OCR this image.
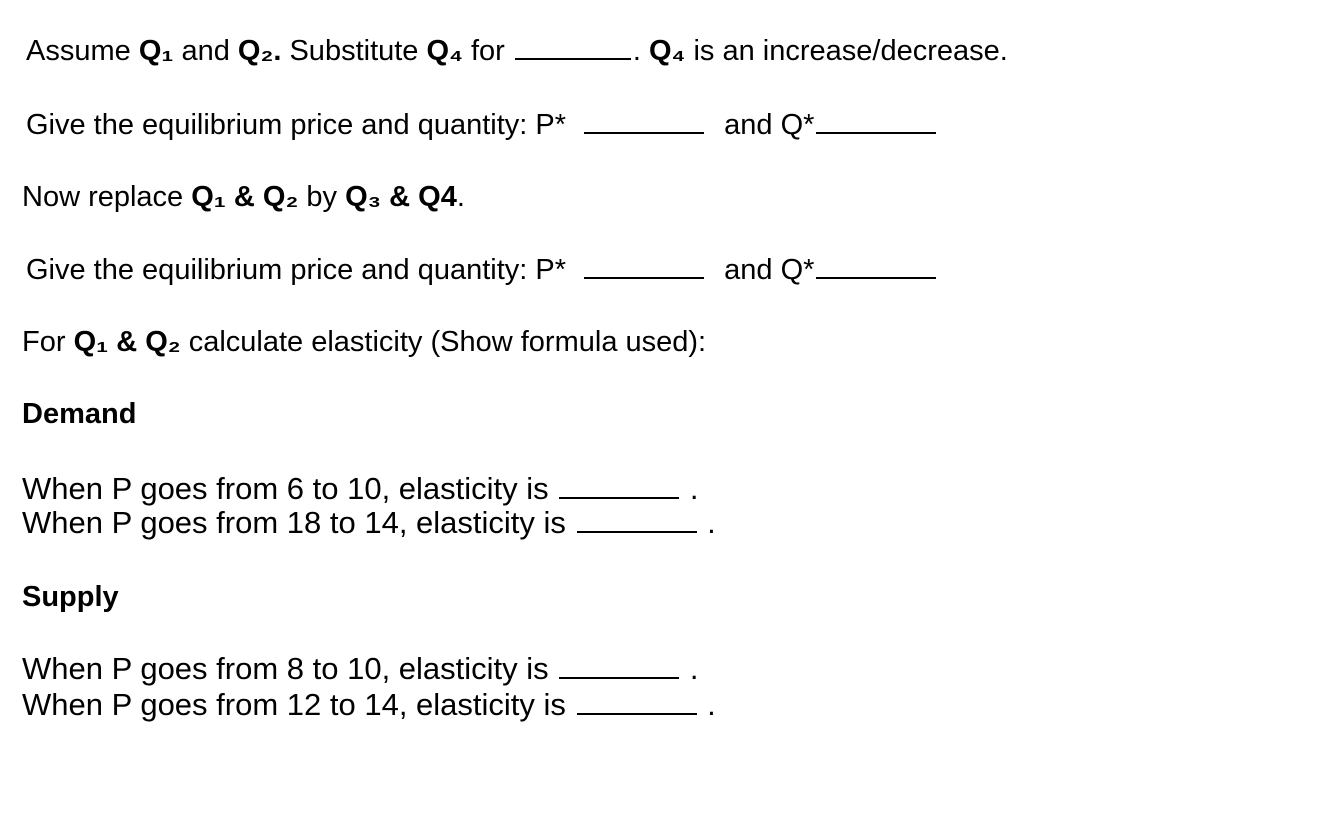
Assume Q₁ and Q₂. Substitute Q₄ for	. Q₄ is an increase/decrease.
Give the equilibrium price and quantity: P*	and Q*
Now replace Q₁ & Q₂ by Q₃ & Q4.
Give the equilibrium price and quantity: P*	and Q*
For Q₁ & Q₂ calculate elasticity (Show formula used):
Demand
When P goes from 6 to 10, elasticity is	.
When P goes from 18 to 14, elasticity is	.
Supply
When P goes from 8 to 10, elasticity is	.
When P goes from 12 to 14, elasticity is	.
